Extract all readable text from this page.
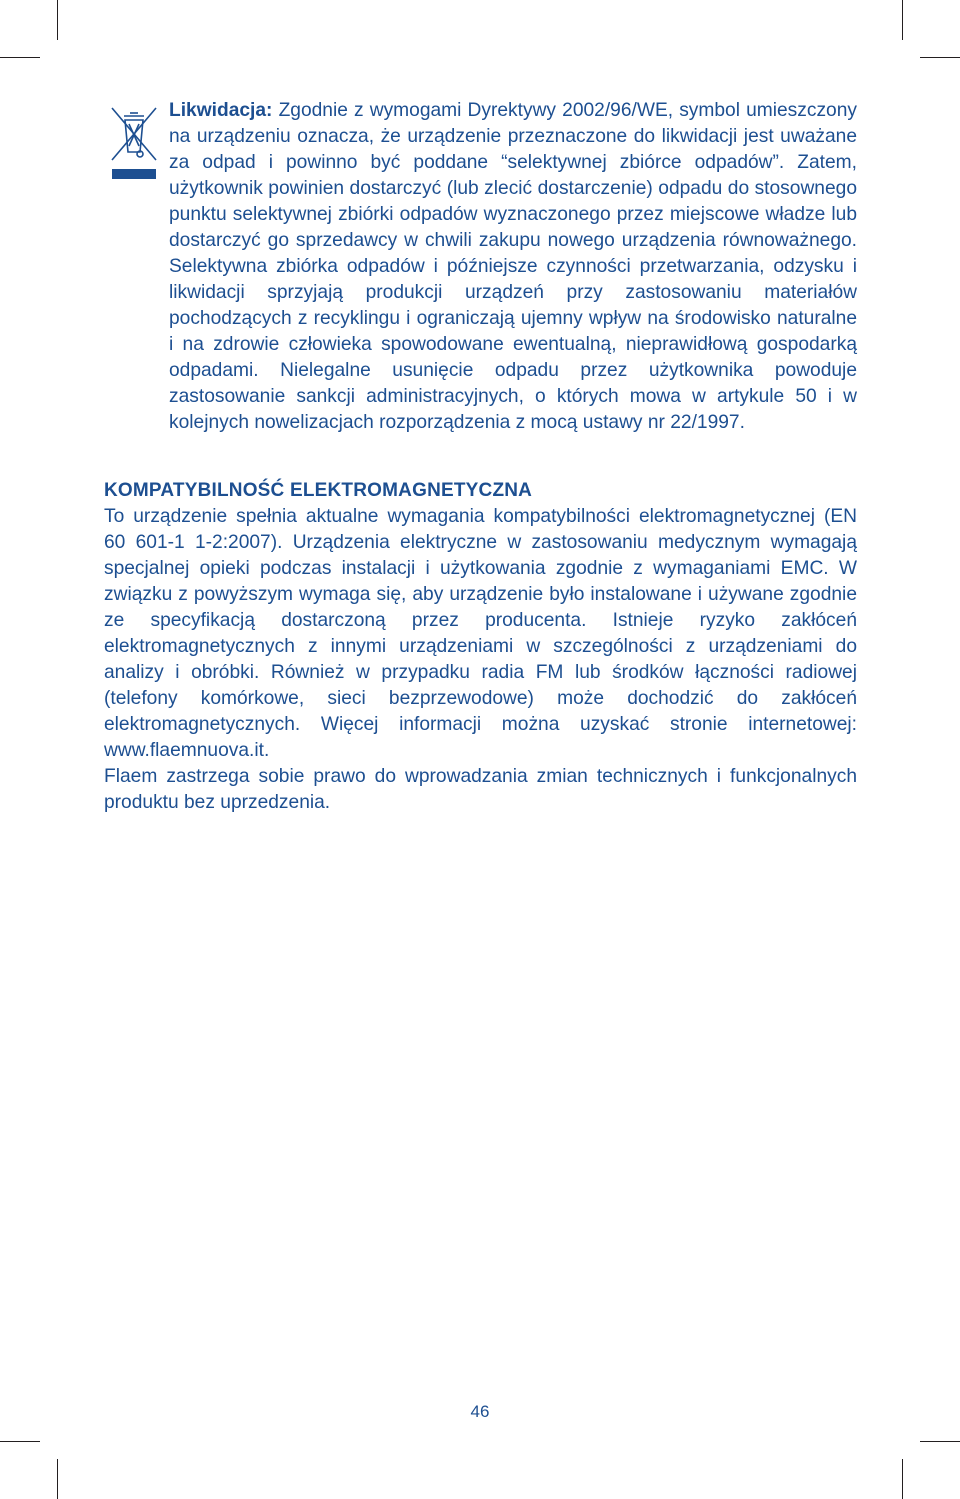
Likwidacja: Zgodnie z wymogami Dyrektywy 2002/96/WE, symbol umieszczony na urządzeniu oznacza, że urządzenie przeznaczone do likwidacji jest uważane za odpad i powinno być poddane “selektywnej zbiórce odpadów”. Zatem, użytkownik powinien dostarczyć (lub zlecić dostarczenie) odpadu do stosownego punktu selektywnej zbiórki odpadów wyznaczonego przez miejscowe władze lub dostarczyć go sprzedawcy w chwili zakupu nowego urządzenia równoważnego. Selektywna zbiórka odpadów i późniejsze czynności przetwarzania, odzysku i likwidacji sprzyjają produkcji urządzeń przy zastosowaniu materiałów pochodzących z recyklingu i ograniczają ujemny wpływ na środowisko naturalne i na zdrowie człowieka spowodowane ewentualną, nieprawidłową gospodarką odpadami. Nielegalne usunięcie odpadu przez użytkownika powoduje zastosowanie sankcji administracyjnych, o których mowa w artykule 50 i w kolejnych nowelizacjach rozporządzenia z mocą ustawy nr 22/1997.

KOMPATYBILNOŚĆ ELEKTROMAGNETYCZNA

To urządzenie spełnia aktualne wymagania kompatybilności elektromagnetycznej (EN 60 601-1 1-2:2007). Urządzenia elektryczne w zastosowaniu medycznym wymagają specjalnej opieki podczas instalacji i użytkowania zgodnie z wymaganiami EMC. W związku z powyższym wymaga się, aby urządzenie było instalowane i używane zgodnie ze specyfikacją dostarczoną przez producenta. Istnieje ryzyko zakłóceń elektromagnetycznych z innymi urządzeniami w szczególności z urządzeniami do analizy i obróbki. Również w przypadku radia FM lub środków łączności radiowej (telefony komórkowe, sieci bezprzewodowe) może dochodzić do zakłóceń elektromagnetycznych. Więcej informacji można uzyskać stronie internetowej: www.flaemnuova.it.

Flaem zastrzega sobie prawo do wprowadzania zmian technicznych i funkcjonalnych produktu bez uprzedzenia.

46
